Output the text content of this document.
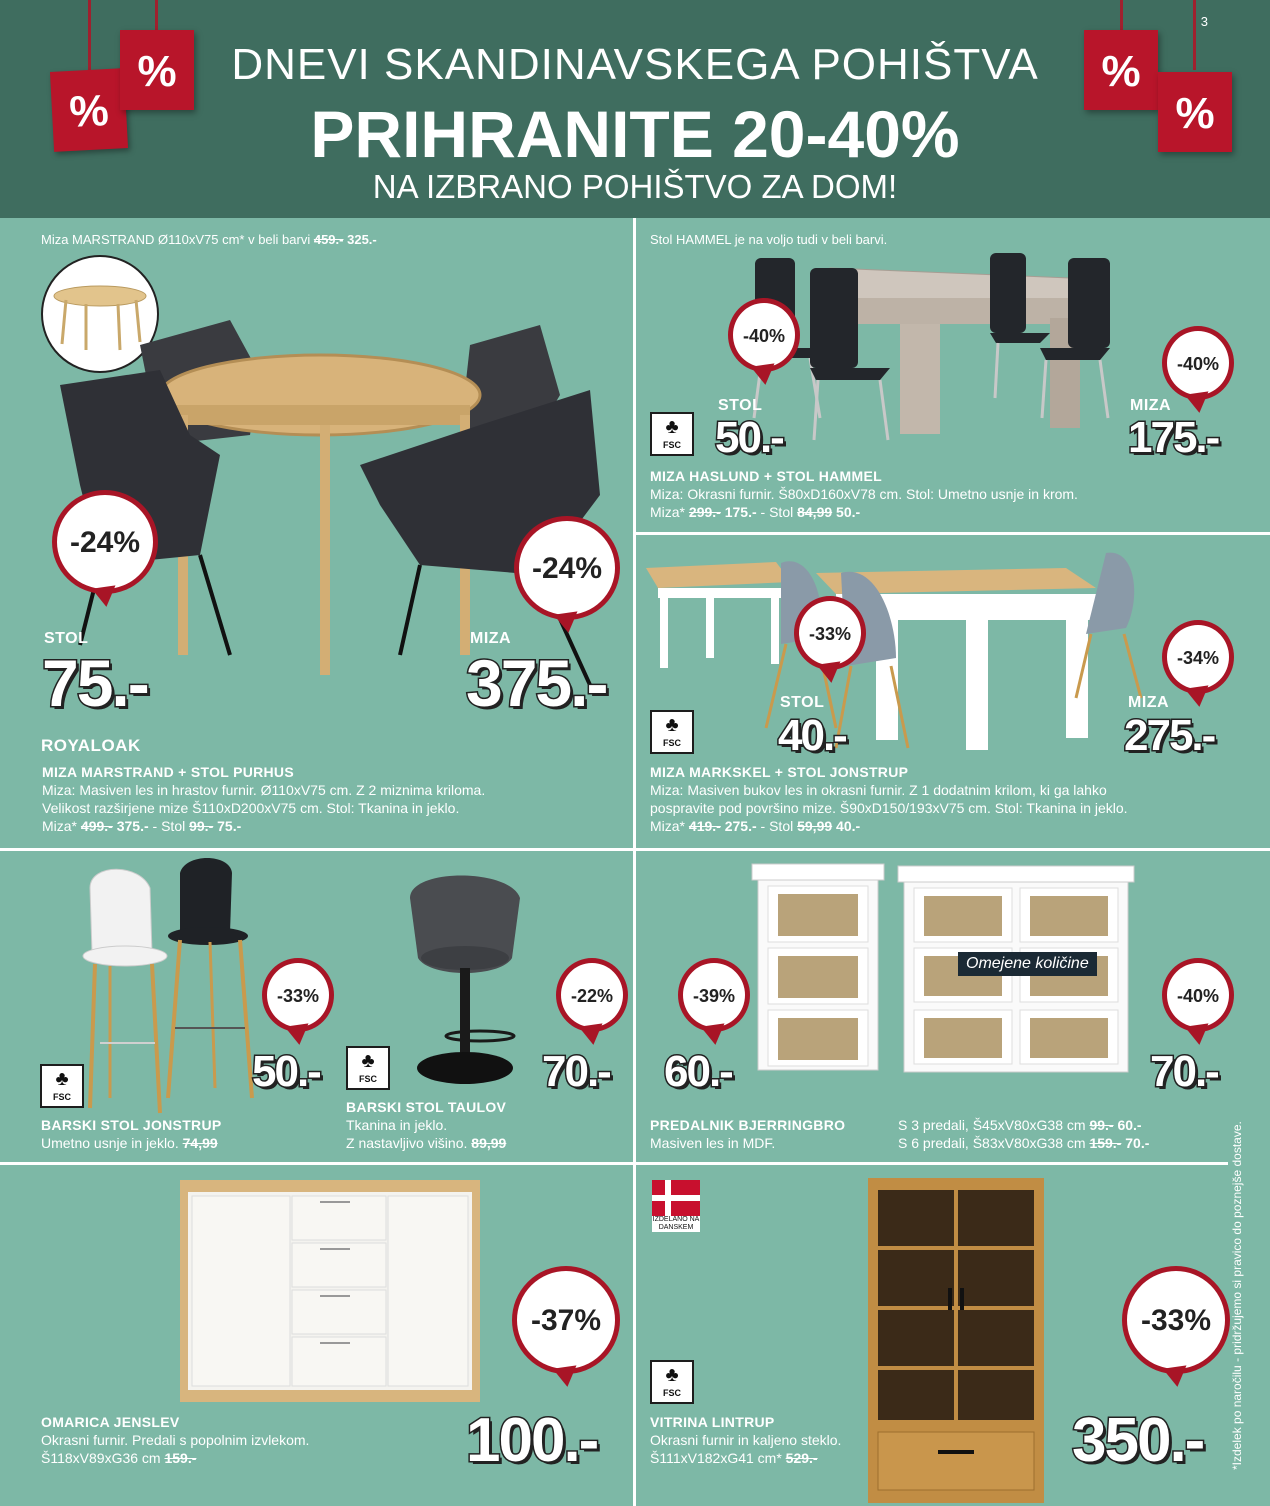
%
%	%
%
3
DNEVI SKANDINAVSKEGA POHIŠTVA
PRIHRANITE 20-40%
NA IZBRANO POHIŠTVO ZA DOM!
Miza MARSTRAND Ø110xV75 cm* v beli barvi 459.- 325.-
-24%
-24%
STOL
75.-
MIZA
375.-
ROYALOAK
MIZA MARSTRAND + STOL PURHUS
Miza: Masiven les in hrastov furnir. Ø110xV75 cm. Z 2 miznima kriloma.
Velikost razširjene mize Š110xD200xV75 cm. Stol: Tkanina in jeklo.
Miza* 499.- 375.- - Stol 99.- 75.-
Stol HAMMEL je na voljo tudi v beli barvi.
-40%
-40%
♣
FSC
STOL
50.-
MIZA
175.-
MIZA HASLUND + STOL HAMMEL
Miza: Okrasni furnir. Š80xD160xV78 cm. Stol: Umetno usnje in krom.
Miza* 299.- 175.- - Stol 84,99 50.-
-33%
-34%
♣
FSC
STOL
40.-
MIZA
275.-
MIZA MARKSKEL + STOL JONSTRUP
Miza: Masiven bukov les in okrasni furnir. Z 1 dodatnim krilom, ki ga lahko
pospravite pod površino mize. Š90xD150/193xV75 cm. Stol: Tkanina in jeklo.
Miza* 419.- 275.- - Stol 59,99 40.-
-33%
50.-
♣
FSC
BARSKI STOL JONSTRUP
Umetno usnje in jeklo. 74,99
-22%
70.-
♣
FSC
BARSKI STOL TAULOV
Tkanina in jeklo.
Z nastavljivo višino. 89,99
Omejene količine
-39%	-40%
60.-	70.-
PREDALNIK BJERRINGBRO
Masiven les in MDF.
S 3 predali, Š45xV80xG38 cm 99.- 60.-
S 6 predali, Š83xV80xG38 cm 159.- 70.-
-37%
100.-
OMARICA JENSLEV
Okrasni furnir. Predali s popolnim izvlekom.
Š118xV89xG36 cm 159.-
IZDELANO NA DANSKEM
-33%
350.-
♣
FSC
VITRINA LINTRUP
Okrasni furnir in kaljeno steklo.
Š111xV182xG41 cm* 529.-	*Izdelek po naročilu - pridržujemo si pravico do poznejše dostave.
